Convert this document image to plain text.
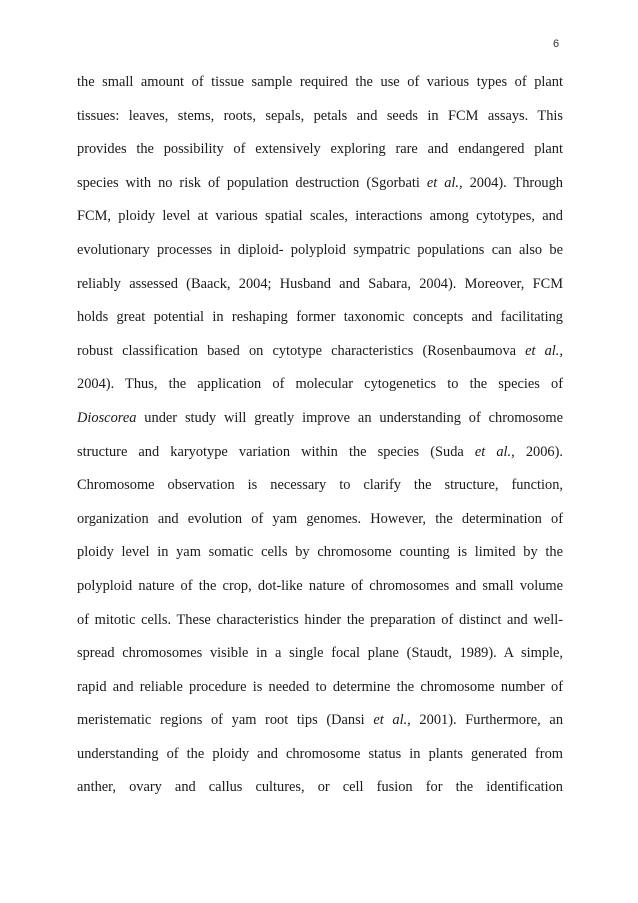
6
the small amount of tissue sample required the use of various types of plant
tissues: leaves, stems, roots, sepals, petals and seeds in FCM assays. This
provides the possibility of extensively exploring rare and endangered plant
species with no risk of population destruction (Sgorbati et al., 2004). Through
FCM, ploidy level at various spatial scales, interactions among cytotypes, and
evolutionary processes in diploid- polyploid sympatric populations can also be
reliably assessed (Baack, 2004; Husband and Sabara, 2004). Moreover, FCM
holds great potential in reshaping former taxonomic concepts and facilitating
robust classification based on cytotype characteristics (Rosenbaumova et al.,
2004). Thus, the application of molecular cytogenetics to the species of
Dioscorea under study will greatly improve an understanding of chromosome
structure and karyotype variation within the species (Suda et al., 2006).
Chromosome observation is necessary to clarify the structure, function,
organization and evolution of yam genomes. However, the determination of
ploidy level in yam somatic cells by chromosome counting is limited by the
polyploid nature of the crop, dot-like nature of chromosomes and small volume
of mitotic cells. These characteristics hinder the preparation of distinct and well-
spread chromosomes visible in a single focal plane (Staudt, 1989). A simple,
rapid and reliable procedure is needed to determine the chromosome number of
meristematic regions of yam root tips (Dansi et al., 2001). Furthermore, an
understanding of the ploidy and chromosome status in plants generated from
anther, ovary and callus cultures, or cell fusion for the identification
